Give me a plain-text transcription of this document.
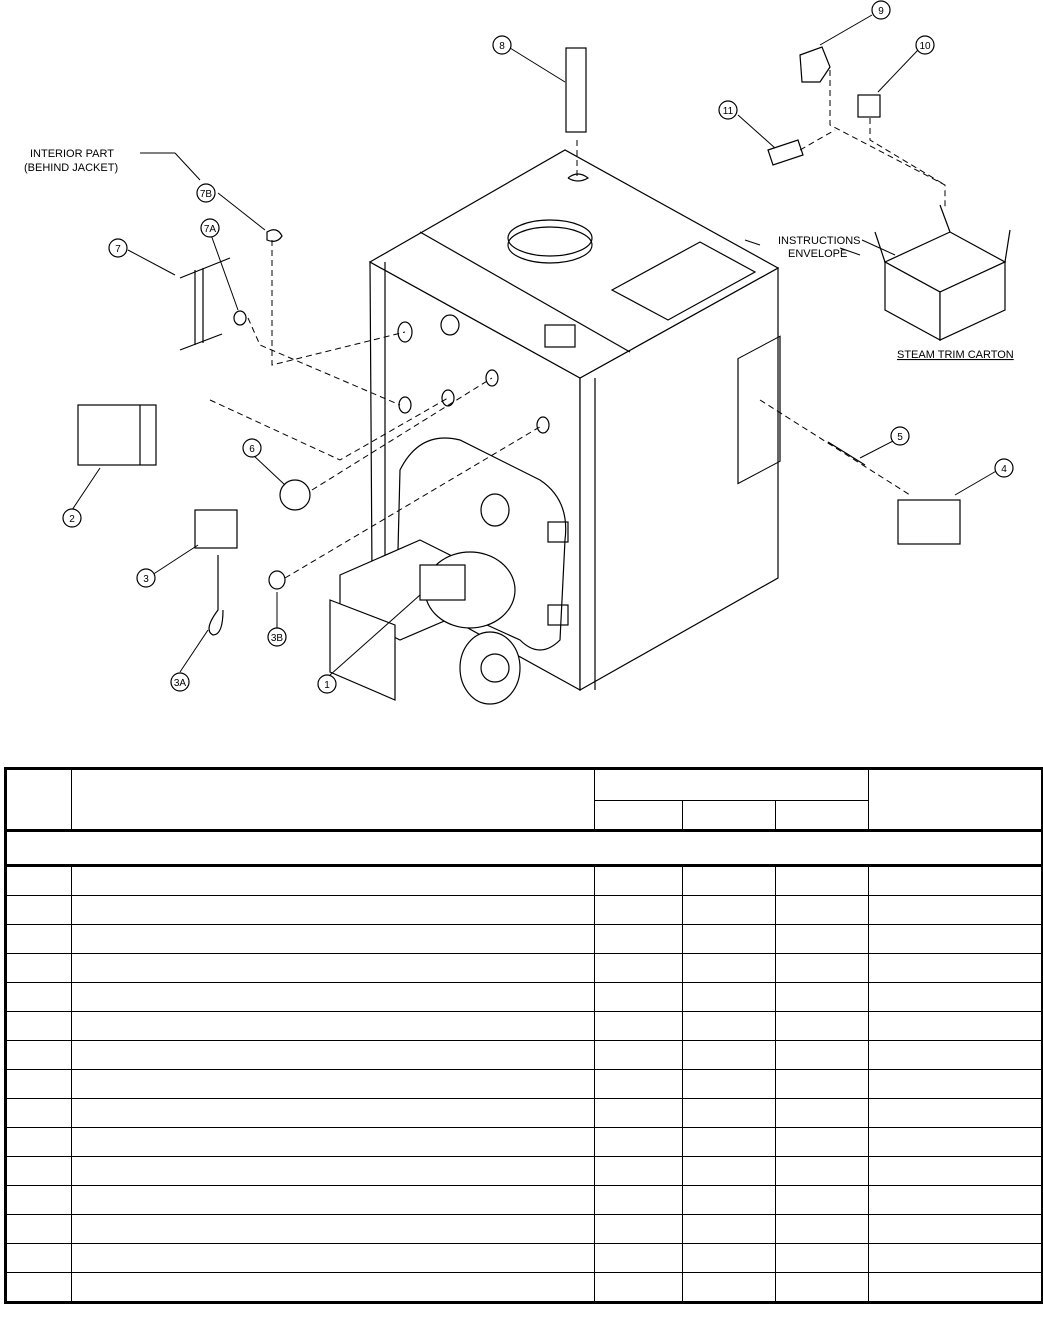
8
9
10
11
7B
7A
7
6
2
3
3A
3B
1
5
4
INTERIOR PART
(BEHIND JACKET)
INSTRUCTIONS
ENVELOPE
STEAM TRIM CARTON
